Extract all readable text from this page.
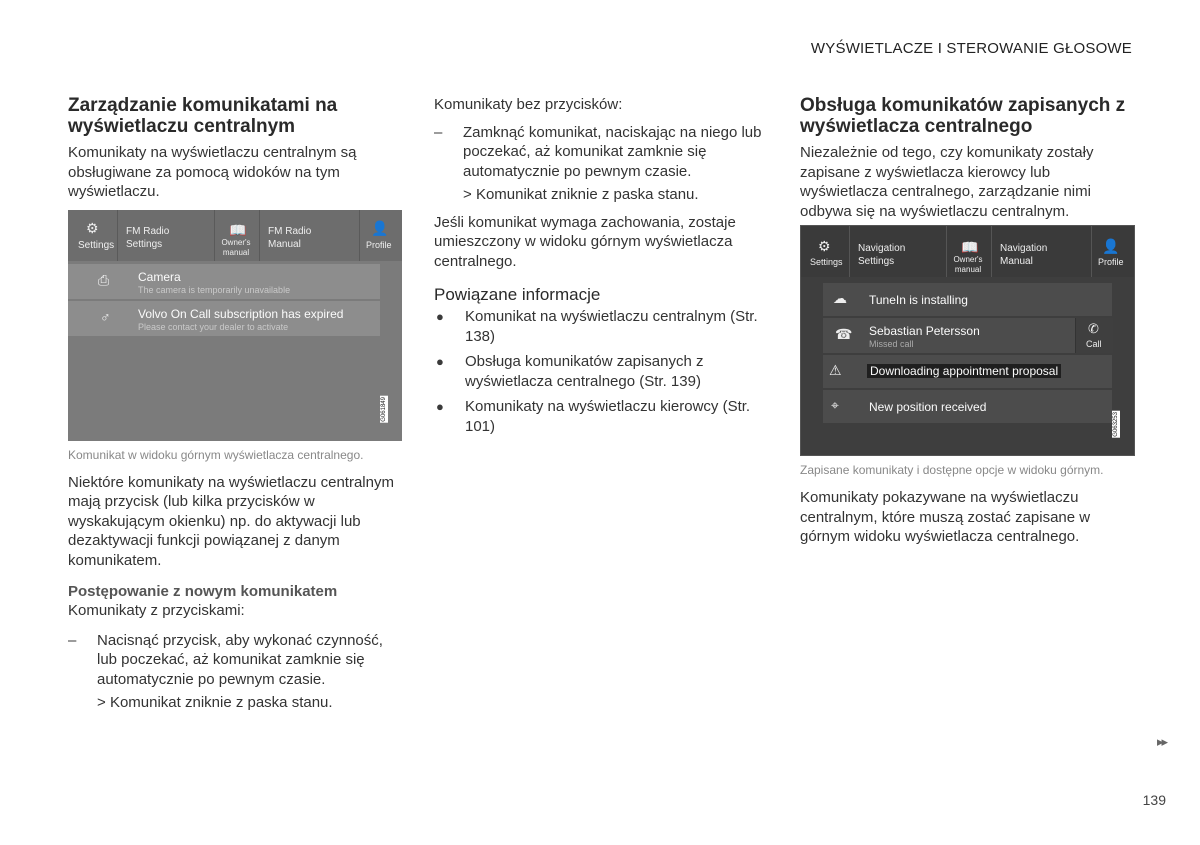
WYŚWIETLACZE I STEROWANIE GŁOSOWE
Zarządzanie komunikatami na wyświetlaczu centralnym

Komunikaty na wyświetlaczu centralnym są obsługiwane za pomocą widoków na tym wyświetlaczu.

⚙
Settings
FM Radio
Settings
📖
Owner's
manual
FM Radio
Manual
👤
Profile
⎙ Camera
The camera is temporarily unavailable
♂ Volvo On Call subscription has expired
Please contact your dealer to activate
G061849
Komunikat w widoku górnym wyświetlacza centralnego.

Niektóre komunikaty na wyświetlaczu centralnym mają przycisk (lub kilka przycisków w wyskakującym okienku) np. do aktywacji lub dezaktywacji funkcji powiązanej z danym komunikatem.

Postępowanie z nowym komunikatem

Komunikaty z przyciskami:

–	Nacisnąć przycisk, aby wykonać czynność, lub poczekać, aż komunikat zamknie się automatycznie po pewnym czasie.

> Komunikat zniknie z paska stanu.

Komunikaty bez przycisków:

–	Zamknąć komunikat, naciskając na niego lub poczekać, aż komunikat zamknie się automatycznie po pewnym czasie.

> Komunikat zniknie z paska stanu.

Jeśli komunikat wymaga zachowania, zostaje umieszczony w widoku górnym wyświetlacza centralnego.

Powiązane informacje
●	Komunikat na wyświetlaczu centralnym (Str. 138)

●	Obsługa komunikatów zapisanych z wyświetlacza centralnego (Str. 139)

●	Komunikaty na wyświetlaczu kierowcy (Str. 101)

Obsługa komunikatów zapisanych z wyświetlacza centralnego

Niezależnie od tego, czy komunikaty zostały zapisane z wyświetlacza kierowcy lub wyświetlacza centralnego, zarządzanie nimi odbywa się na wyświetlaczu centralnym.

⚙
Settings
Navigation
Settings
📖
Owner's
manual
Navigation
Manual
👤
Profile
☁ TuneIn is installing
☎ Sebastian Petersson
Missed call
✆
Call
⚠ Downloading appointment proposal
⌖	New position received
G063253
Zapisane komunikaty i dostępne opcje w widoku górnym.

Komunikaty pokazywane na wyświetlaczu centralnym, które muszą zostać zapisane w górnym widoku wyświetlacza centralnego.

▸▸
139
